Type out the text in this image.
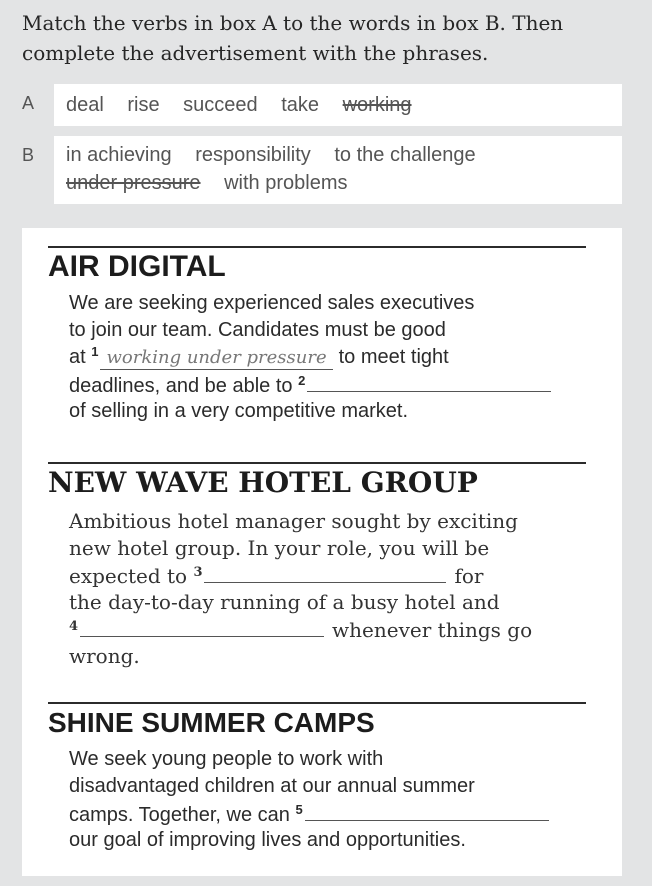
Match the verbs in box A to the words in box B. Then
complete the advertisement with the phrases.
A	deal rise succeed take working
B in achieving responsibility to the challenge
under pressure with problems
AIR DIGITAL
We are seeking experienced sales executives
to join our team. Candidates must be good
at $^1$ working under pressure to meet tight
deadlines, and be able to $^2$
of selling in a very competitive market.
NEW WAVE HOTEL GROUP
Ambitious hotel manager sought by exciting
new hotel group. In your role, you will be
expected to $^3$	for
the day-to-day running of a busy hotel and
$^4$	whenever things go
wrong.
SHINE SUMMER CAMPS
We seek young people to work with
disadvantaged children at our annual summer
camps. Together, we can $^5$
our goal of improving lives and opportunities.
